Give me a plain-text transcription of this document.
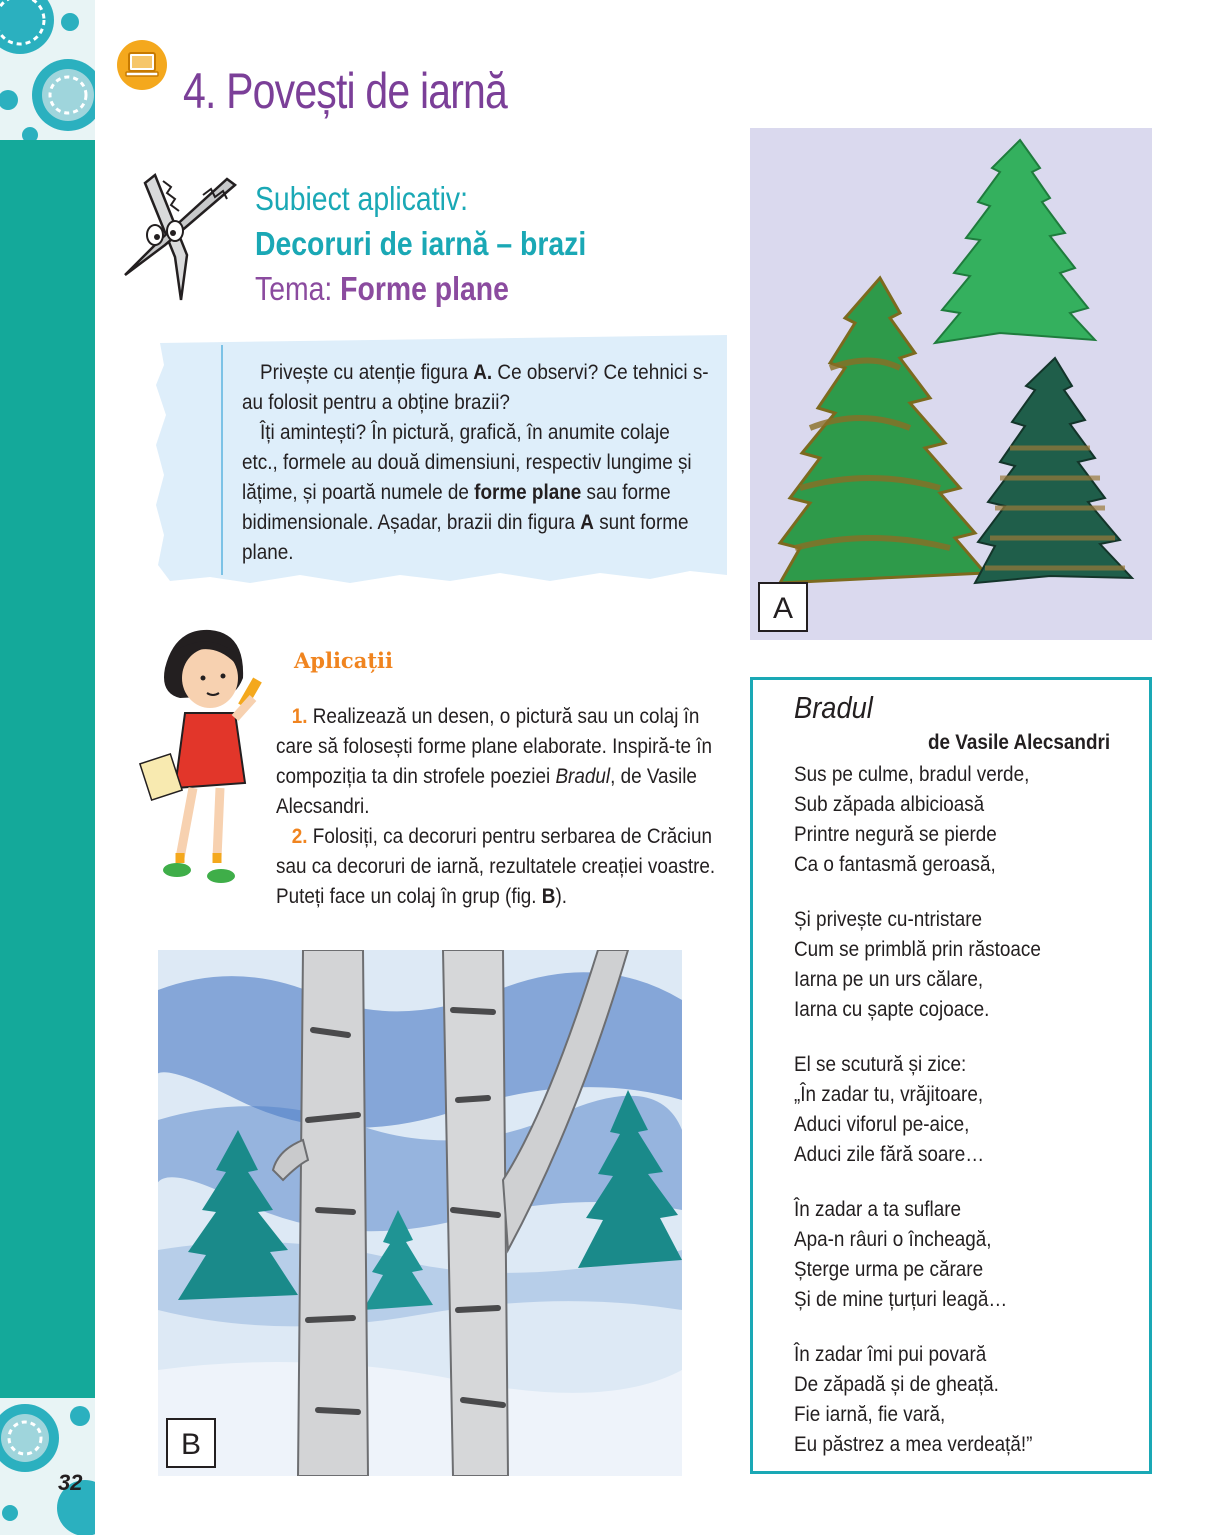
32
4. Povești de iarnă
Subiect aplicativ:
Decoruri de iarnă – brazi
Tema: Forme plane

Privește cu atenție figura A. Ce observi? Ce tehnici s-au folosit pentru a obține brazii?

Îți amintești? În pictură, grafică, în anumite colaje etc., formele au două dimensiuni, respectiv lungime și lățime, și poartă numele de forme plane sau forme bidimensionale. Așadar, brazii din figura A sunt forme plane.

A
Aplicații

1. Realizează un desen, o pictură sau un colaj în care să folosești forme plane elaborate. Inspiră-te în compoziția ta din strofele poeziei Bradul, de Vasile Alecsandri.

2. Folosiți, ca decoruri pentru serbarea de Crăciun sau ca decoruri de iarnă, rezultatele creației voastre. Puteți face un colaj în grup (fig. B).

B
Bradul
de Vasile Alecsandri
Sus pe culme, bradul verde,
Sub zăpada albicioasă
Printre negură se pierde
Ca o fantasmă geroasă,
Și privește cu-ntristare
Cum se primblă prin răstoace
Iarna pe un urs călare,
Iarna cu șapte cojoace.
El se scutură și zice:
„În zadar tu, vrăjitoare,
Aduci viforul pe-aice,
Aduci zile fără soare…
În zadar a ta suflare
Apa-n râuri o încheagă,
Șterge urma pe cărare
Și de mine țurțuri leagă…
În zadar îmi pui povară
De zăpadă și de gheață.
Fie iarnă, fie vară,
Eu păstrez a mea verdeață!”
